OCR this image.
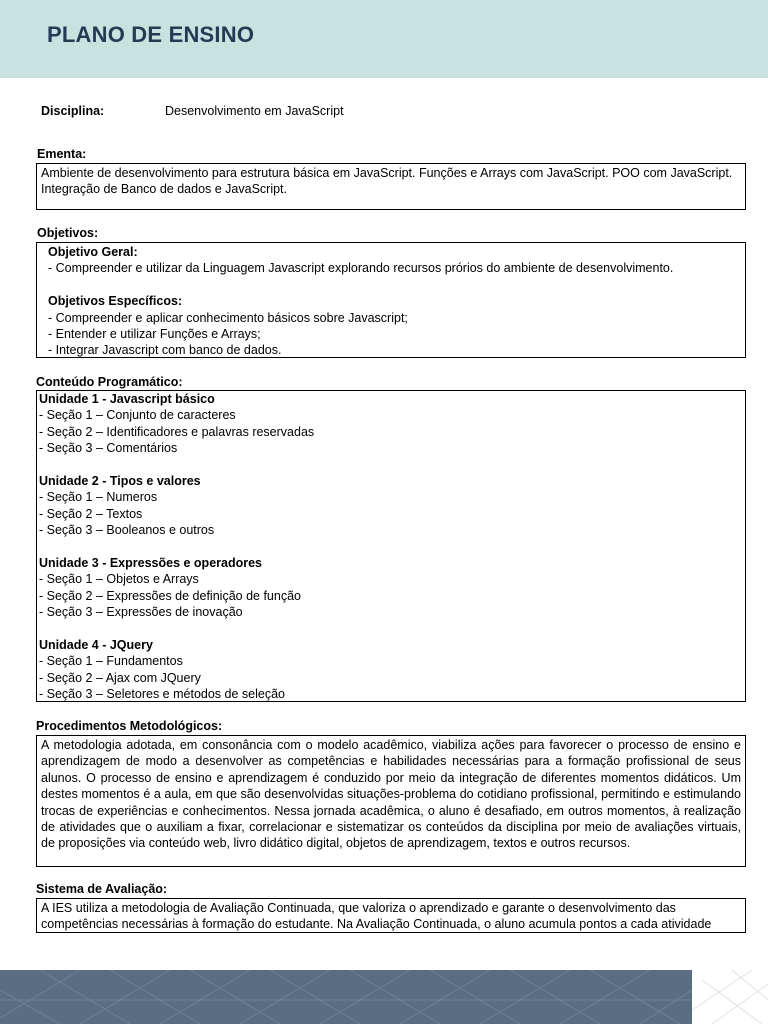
PLANO DE ENSINO
Disciplina:	Desenvolvimento em JavaScript
Ementa:
Ambiente de desenvolvimento para estrutura básica em JavaScript. Funções e Arrays com JavaScript. POO com JavaScript.
Integração de Banco de dados e JavaScript.
Objetivos:
Objetivo Geral:
- Compreender e utilizar da Linguagem Javascript explorando recursos prórios do ambiente de desenvolvimento.
Objetivos Específicos:
- Compreender e aplicar conhecimento básicos sobre Javascript;
- Entender e utilizar Funções e Arrays;
- Integrar Javascript com banco de dados.
Conteúdo Programático:
Unidade 1 - Javascript básico
- Seção 1 – Conjunto de caracteres
- Seção 2 – Identificadores e palavras reservadas
- Seção 3 – Comentários
Unidade 2 - Tipos e valores
- Seção 1 – Numeros
- Seção 2 – Textos
- Seção 3 – Booleanos e outros
Unidade 3 - Expressões e operadores
- Seção 1 – Objetos e Arrays
- Seção 2 – Expressões de definição de função
- Seção 3 – Expressões de inovação
Unidade 4 - JQuery
- Seção 1 – Fundamentos
- Seção 2 – Ajax com JQuery
- Seção 3 – Seletores e métodos de seleção
Procedimentos Metodológicos:
A metodologia adotada, em consonância com o modelo acadêmico, viabiliza ações para favorecer o processo de ensino e aprendizagem de modo a desenvolver as competências e habilidades necessárias para a formação profissional de seus alunos. O processo de ensino e aprendizagem é conduzido por meio da integração de diferentes momentos didáticos. Um destes momentos é a aula, em que são desenvolvidas situações-problema do cotidiano profissional, permitindo e estimulando trocas de experiências e conhecimentos. Nessa jornada acadêmica, o aluno é desafiado, em outros momentos, à realização de atividades que o auxiliam a fixar, correlacionar e sistematizar os conteúdos da disciplina por meio de avaliações virtuais, de proposições via conteúdo web, livro didático digital, objetos de aprendizagem, textos e outros recursos.
Sistema de Avaliação:
A IES utiliza a metodologia de Avaliação Continuada, que valoriza o aprendizado e garante o desenvolvimento das
competências necessárias à formação do estudante. Na Avaliação Continuada, o aluno acumula pontos a cada atividade
